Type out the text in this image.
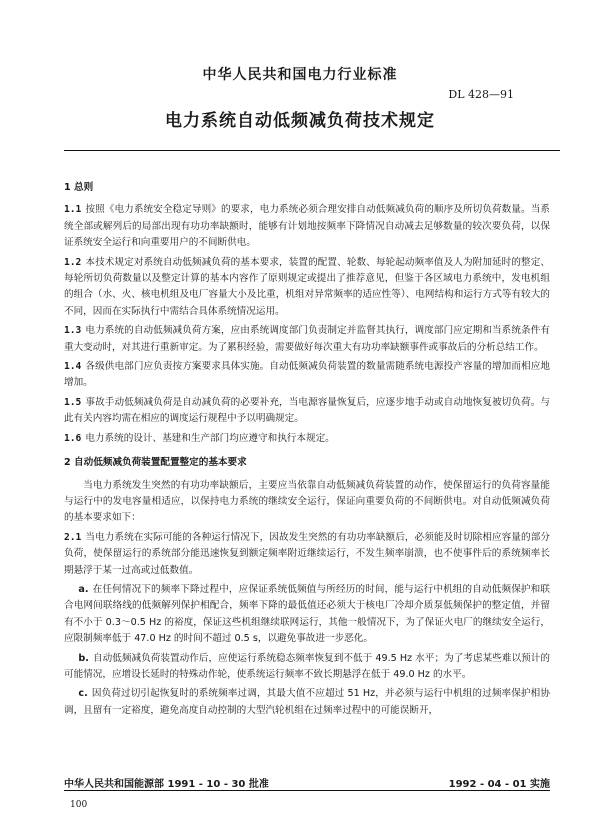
中华人民共和国电力行业标准
DL 428—91
电力系统自动低频减负荷技术规定
1 总则

1.1 按照《电力系统安全稳定导则》的要求，电力系统必须合理安排自动低频减负荷的顺序及所切负荷数量。当系统全部或解列后的局部出现有功功率缺额时，能够有计划地按频率下降情况自动减去足够数量的较次要负荷，以保证系统安全运行和向重要用户的不间断供电。

1.2 本技术规定对系统自动低频减负荷的基本要求，装置的配置、轮数、每轮起动频率值及人为附加延时的整定、每轮所切负荷数量以及整定计算的基本内容作了原则规定或提出了推荐意见，但鉴于各区域电力系统中，发电机组的组合（水、火、核电机组及电厂容量大小及比重，机组对异常频率的适应性等）、电网结构和运行方式等有较大的不同，因而在实际执行中需结合具体系统情况运用。

1.3 电力系统的自动低频减负荷方案，应由系统调度部门负责制定并监督其执行，调度部门应定期和当系统条件有重大变动时，对其进行重新审定。为了累积经验，需要做好每次重大有功功率缺额事件或事故后的分析总结工作。

1.4 各级供电部门应负责按方案要求具体实施。自动低频减负荷装置的数量需随系统电源投产容量的增加而相应地增加。

1.5 事故手动低频减负荷是自动减负荷的必要补充，当电源容量恢复后，应逐步地手动或自动地恢复被切负荷。与此有关内容均需在相应的调度运行规程中予以明确规定。

1.6 电力系统的设计、基建和生产部门均应遵守和执行本规定。

2 自动低频减负荷装置配置整定的基本要求

当电力系统发生突然的有功功率缺额后，主要应当依靠自动低频减负荷装置的动作，使保留运行的负荷容量能与运行中的发电容量相适应，以保持电力系统的继续安全运行，保证向重要负荷的不间断供电。对自动低频减负荷的基本要求如下：

2.1 当电力系统在实际可能的各种运行情况下，因故发生突然的有功功率缺额后，必须能及时切除相应容量的部分负荷，使保留运行的系统部分能迅速恢复到额定频率附近继续运行，不发生频率崩溃，也不使事件后的系统频率长期悬浮于某一过高或过低数值。

a. 在任何情况下的频率下降过程中，应保证系统低频值与所经历的时间，能与运行中机组的自动低频保护和联合电网间联络线的低频解列保护相配合，频率下降的最低值还必须大于核电厂冷却介质泵低频保护的整定值，并留有不小于 0.3～0.5 Hz 的裕度，保证这些机组继续联网运行，其他一般情况下，为了保证火电厂的继续安全运行，应限制频率低于 47.0 Hz 的时间不超过 0.5 s，以避免事故进一步恶化。

b. 自动低频减负荷装置动作后，应使运行系统稳态频率恢复到不低于 49.5 Hz 水平；为了考虑某些难以预计的可能情况，应增设长延时的特殊动作轮，使系统运行频率不致长期悬浮在低于 49.0 Hz 的水平。

c. 因负荷过切引起恢复时的系统频率过调，其最大值不应超过 51 Hz，并必须与运行中机组的过频率保护相协调，且留有一定裕度，避免高度自动控制的大型汽轮机组在过频率过程中的可能误断开，

中华人民共和国能源部 1991 - 10 - 30 批准	1992 - 04 - 01 实施
100
